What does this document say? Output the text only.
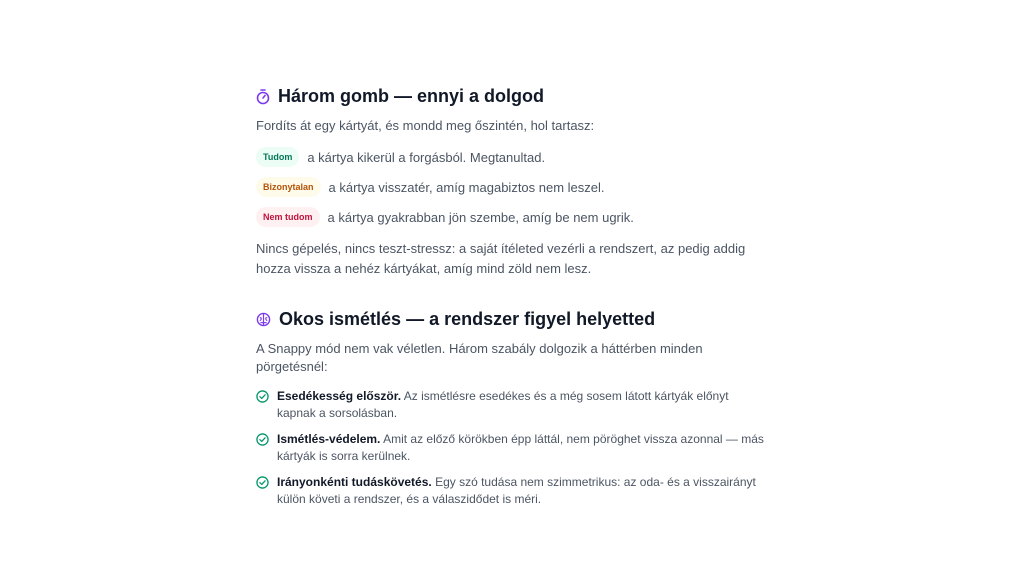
Három gomb — ennyi a dolgod

Fordíts át egy kártyát, és mondd meg őszintén, hol tartasz:

Tudom	a kártya kikerül a forgásból. Megtanultad.
Bizonytalan	a kártya visszatér, amíg magabiztos nem leszel.
Nem tudom	a kártya gyakrabban jön szembe, amíg be nem ugrik.

Nincs gépelés, nincs teszt-stressz: a saját ítéleted vezérli a rendszert, az pedig addig hozza vissza a nehéz kártyákat, amíg mind zöld nem lesz.

Okos ismétlés — a rendszer figyel helyetted

A Snappy mód nem vak véletlen. Három szabály dolgozik a háttérben minden pörgetésnél:

Esedékesség először. Az ismétlésre esedékes és a még sosem látott kártyák előnyt kapnak a sorsolásban.
Ismétlés-védelem. Amit az előző körökben épp láttál, nem pöröghet vissza azonnal — más kártyák is sorra kerülnek.
Irányonkénti tudáskövetés. Egy szó tudása nem szimmetrikus: az oda- és a visszairányt külön követi a rendszer, és a válaszidődet is méri.
